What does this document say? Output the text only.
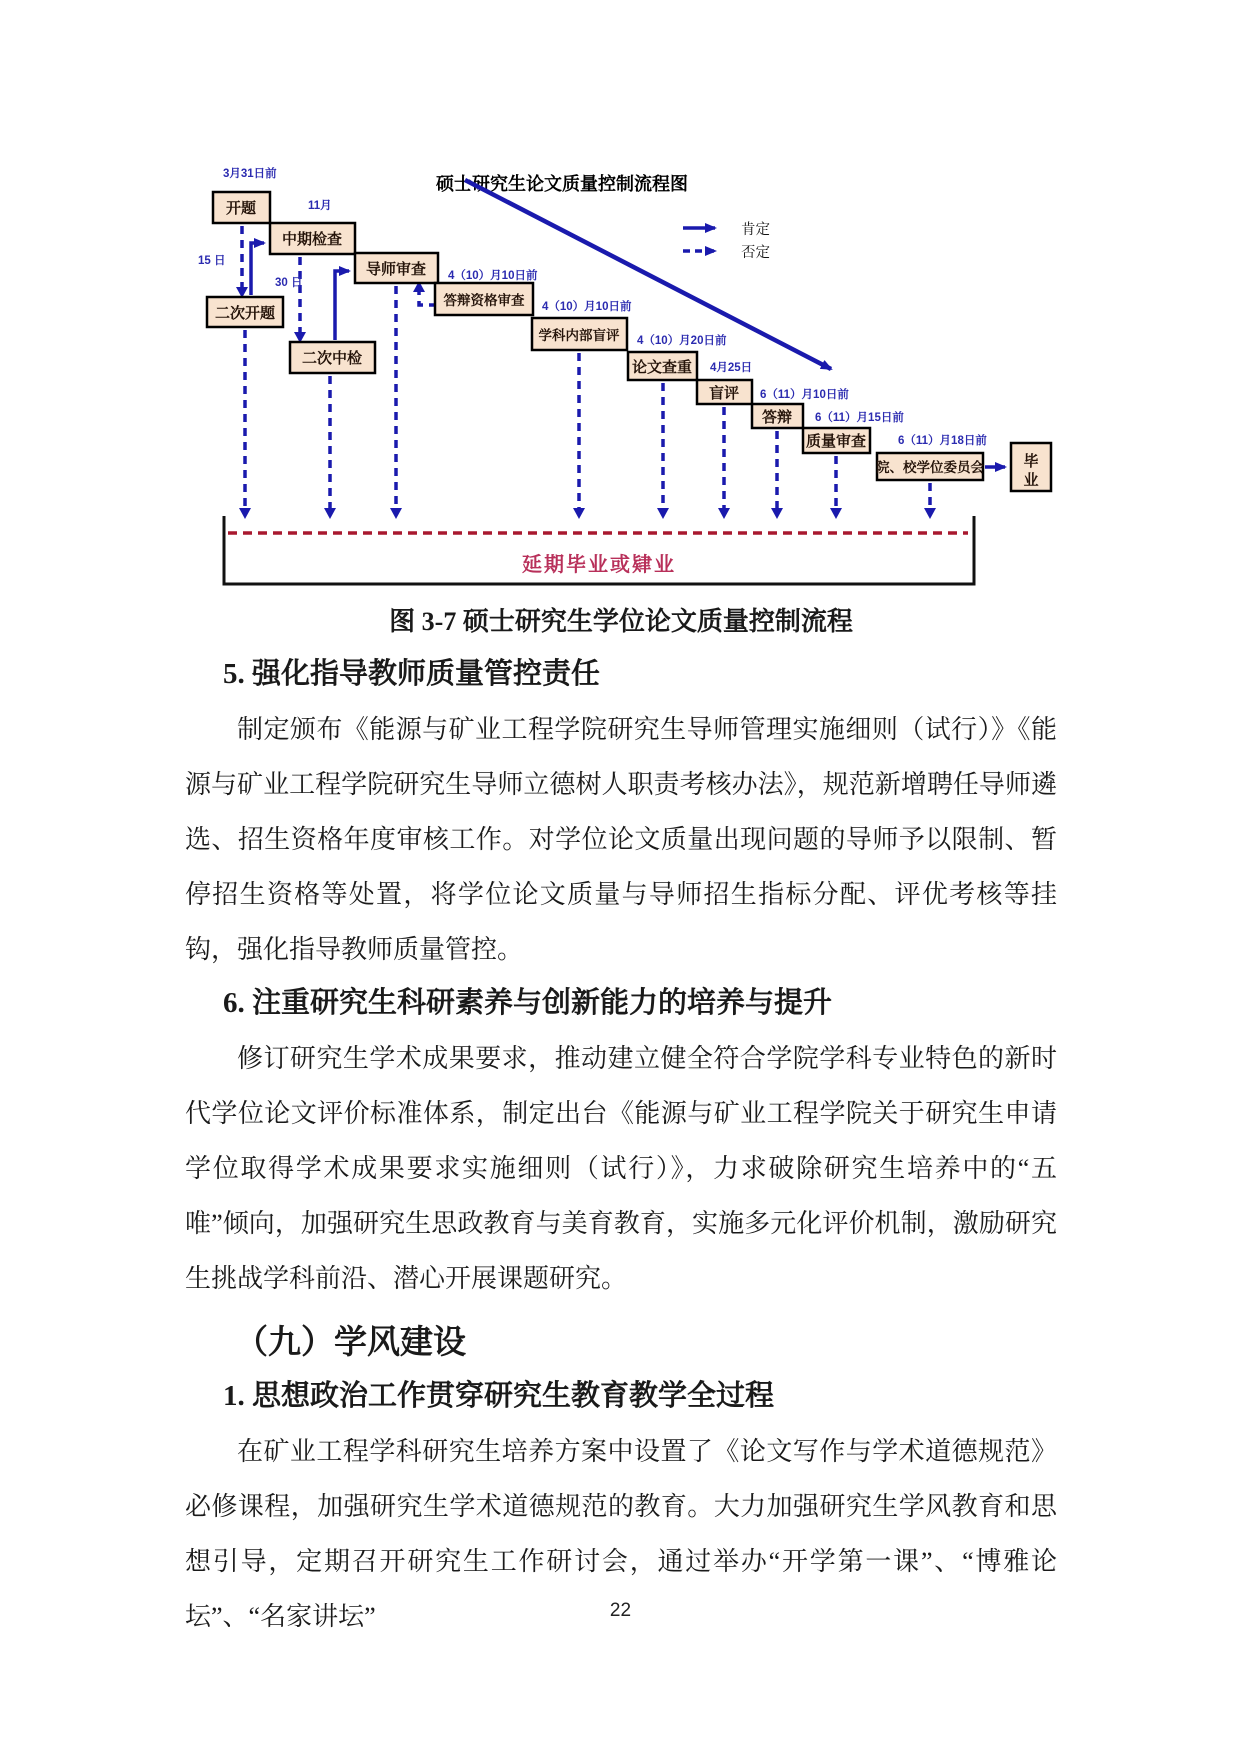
硕士研究生论文质量控制流程图
肯定
否定
开题
中期检查
导师审查
答辩资格审查
学科内部盲评
论文查重
盲评
答辩
质量审查
院、校学位委员会	毕
业
二次开题
二次中检
3月31日前
11月
15 日
30 日
4（10）月10日前
4（10）月10日前
4（10）月20日前
4月25日
6（11）月10日前
6（11）月15日前
6（11）月18日前
延期毕业或肄业
图 3-7 硕士研究生学位论文质量控制流程
5. 强化指导教师质量管控责任

制定颁布《能源与矿业工程学院研究生导师管理实施细则（试行）》《能源与矿业工程学院研究生导师立德树人职责考核办法》，规范新增聘任导师遴选、招生资格年度审核工作。对学位论文质量出现问题的导师予以限制、暂停招生资格等处置，将学位论文质量与导师招生指标分配、评优考核等挂钩，强化指导教师质量管控。

6. 注重研究生科研素养与创新能力的培养与提升

修订研究生学术成果要求，推动建立健全符合学院学科专业特色的新时代学位论文评价标准体系，制定出台《能源与矿业工程学院关于研究生申请学位取得学术成果要求实施细则（试行）》，力求破除研究生培养中的“五唯”倾向，加强研究生思政教育与美育教育，实施多元化评价机制，激励研究生挑战学科前沿、潜心开展课题研究。

（九）学风建设
1. 思想政治工作贯穿研究生教育教学全过程

在矿业工程学科研究生培养方案中设置了《论文写作与学术道德规范》必修课程，加强研究生学术道德规范的教育。大力加强研究生学风教育和思想引导，定期召开研究生工作研讨会，通过举办“开学第一课”、“博雅论坛”、“名家讲坛”	22
